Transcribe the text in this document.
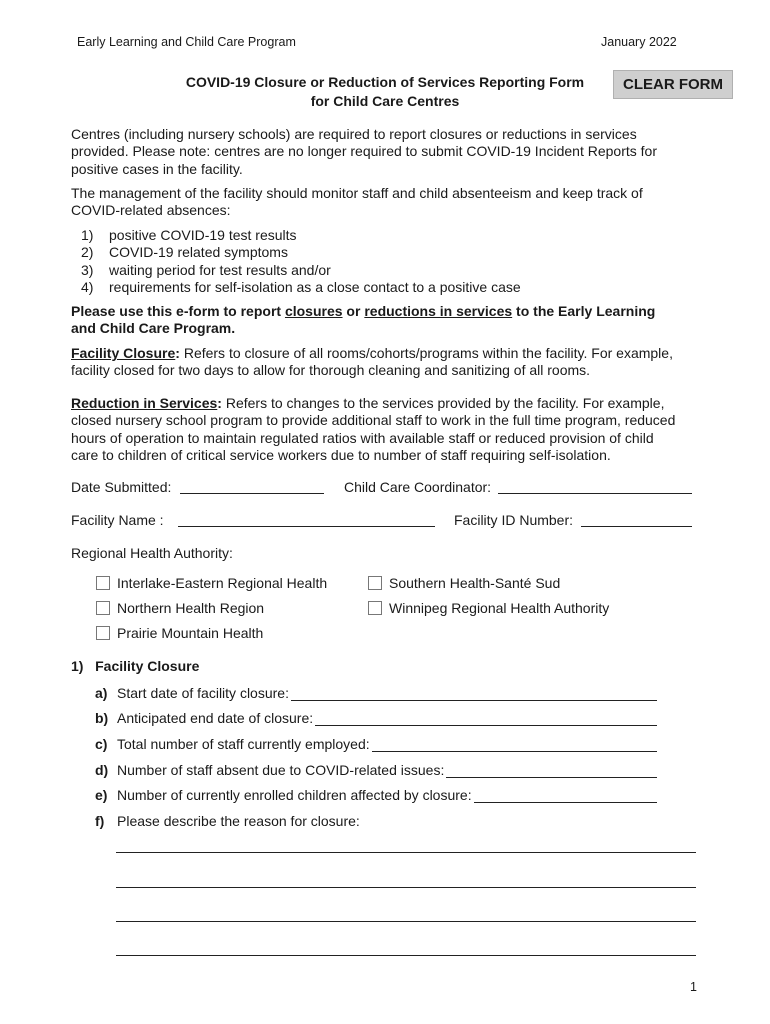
Early Learning and Child Care Program	January 2022
COVID-19 Closure or Reduction of Services Reporting Form
for Child Care Centres
CLEAR FORM
Centres (including nursery schools) are required to report closures or reductions in services
provided. Please note: centres are no longer required to submit COVID-19 Incident Reports for
positive cases in the facility.
The management of the facility should monitor staff and child absenteeism and keep track of
COVID-related absences:
1) positive COVID-19 test results
2) COVID-19 related symptoms
3) waiting period for test results and/or
4) requirements for self-isolation as a close contact to a positive case
Please use this e-form to report closures or reductions in services to the Early Learning
and Child Care Program.
Facility Closure: Refers to closure of all rooms/cohorts/programs within the facility. For example,
facility closed for two days to allow for thorough cleaning and sanitizing of all rooms.
Reduction in Services: Refers to changes to the services provided by the facility. For example,
closed nursery school program to provide additional staff to work in the full time program, reduced
hours of operation to maintain regulated ratios with available staff or reduced provision of child
care to children of critical service workers due to number of staff requiring self-isolation.
Date Submitted:	Child Care Coordinator:
Facility Name :	Facility ID Number:
Regional Health Authority:
Interlake-Eastern Regional Health	Southern Health-Santé Sud
Northern Health Region	Winnipeg Regional Health Authority
Prairie Mountain Health
1) Facility Closure
a) Start date of facility closure:
b) Anticipated end date of closure:
c) Total number of staff currently employed:
d) Number of staff absent due to COVID-related issues:
e) Number of currently enrolled children affected by closure:
f) Please describe the reason for closure:
1
